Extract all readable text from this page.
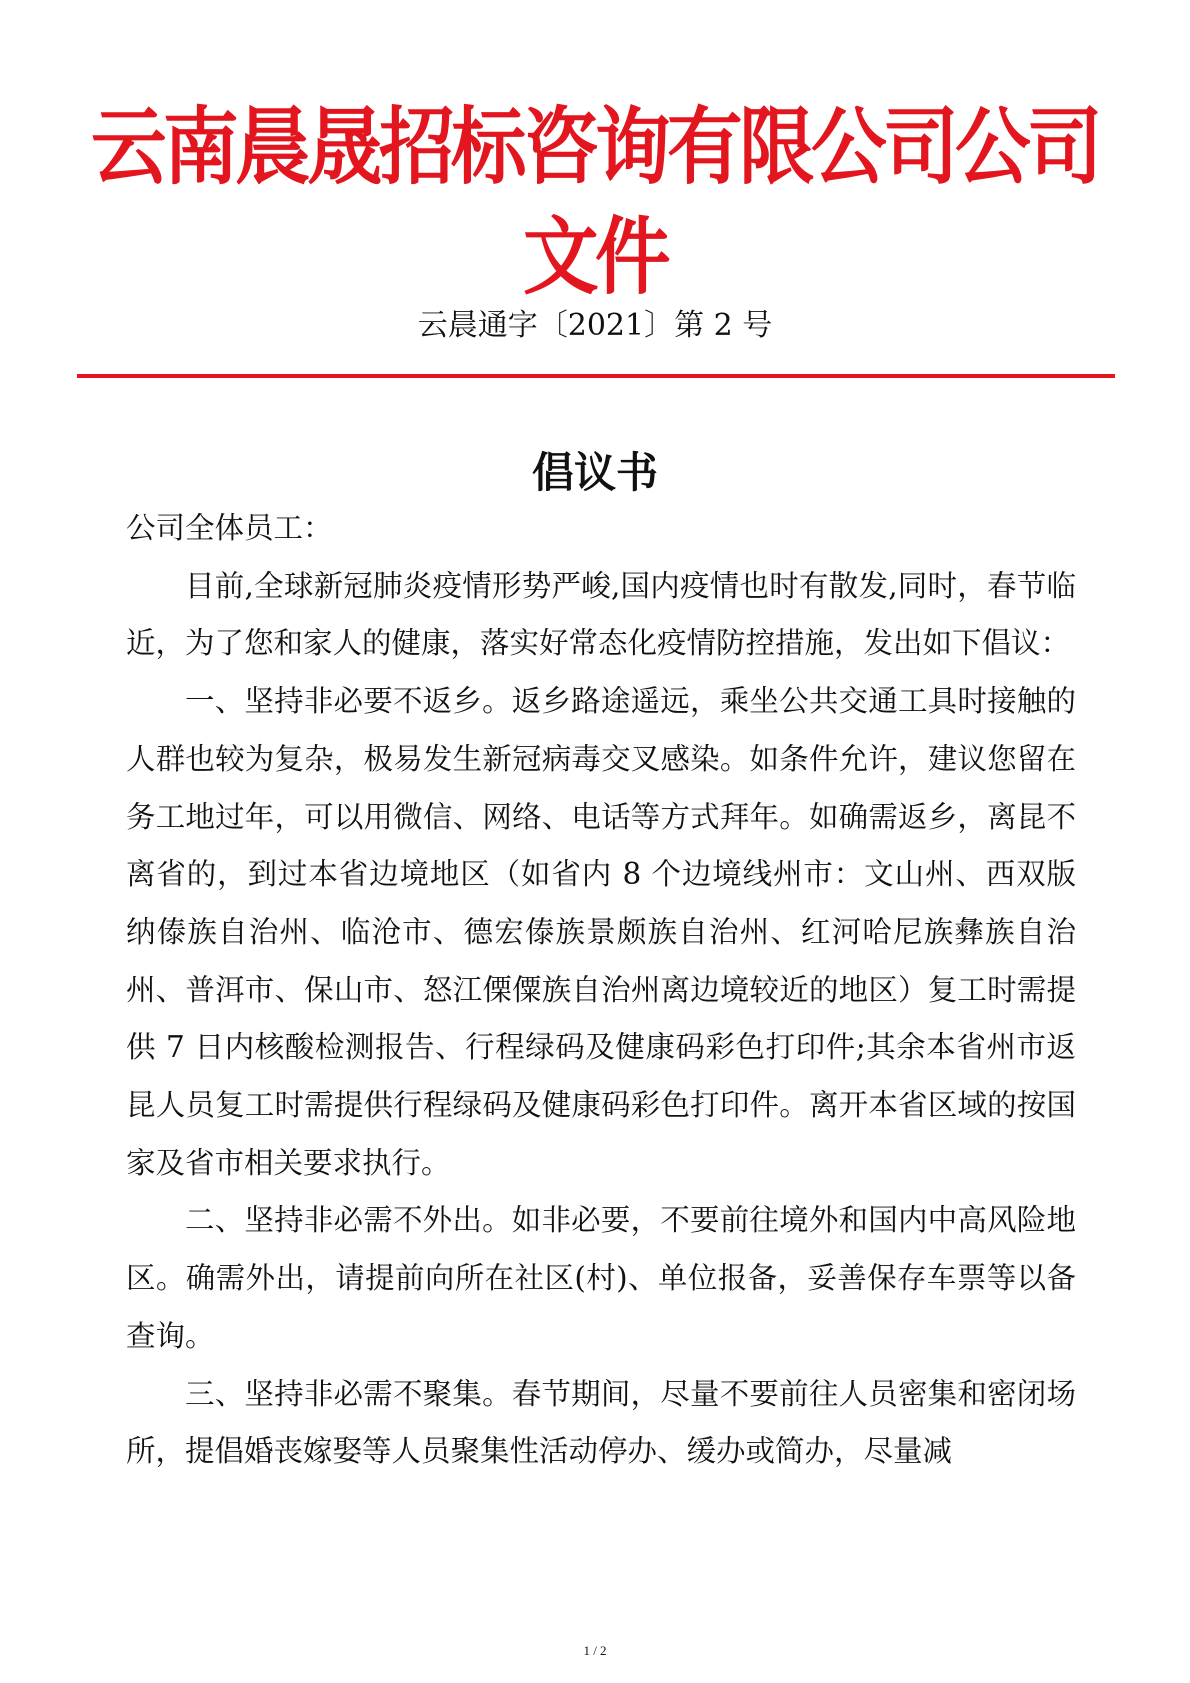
云南晨晟招标咨询有限公司公司文件
云晨通字〔2021〕第 2 号
倡议书

公司全体员工：

目前,全球新冠肺炎疫情形势严峻,国内疫情也时有散发,同时，春节临近，为了您和家人的健康，落实好常态化疫情防控措施，发出如下倡议：

一、坚持非必要不返乡。返乡路途遥远，乘坐公共交通工具时接触的人群也较为复杂，极易发生新冠病毒交叉感染。如条件允许，建议您留在务工地过年，可以用微信、网络、电话等方式拜年。如确需返乡，离昆不离省的，到过本省边境地区（如省内 8 个边境线州市：文山州、西双版纳傣族自治州、临沧市、德宏傣族景颇族自治州、红河哈尼族彝族自治州、普洱市、保山市、怒江傈僳族自治州离边境较近的地区）复工时需提供 7 日内核酸检测报告、行程绿码及健康码彩色打印件;其余本省州市返昆人员复工时需提供行程绿码及健康码彩色打印件。离开本省区域的按国家及省市相关要求执行。

二、坚持非必需不外出。如非必要，不要前往境外和国内中高风险地区。确需外出，请提前向所在社区(村)、单位报备，妥善保存车票等以备查询。

三、坚持非必需不聚集。春节期间，尽量不要前往人员密集和密闭场所，提倡婚丧嫁娶等人员聚集性活动停办、缓办或简办，尽量减

1 / 2
